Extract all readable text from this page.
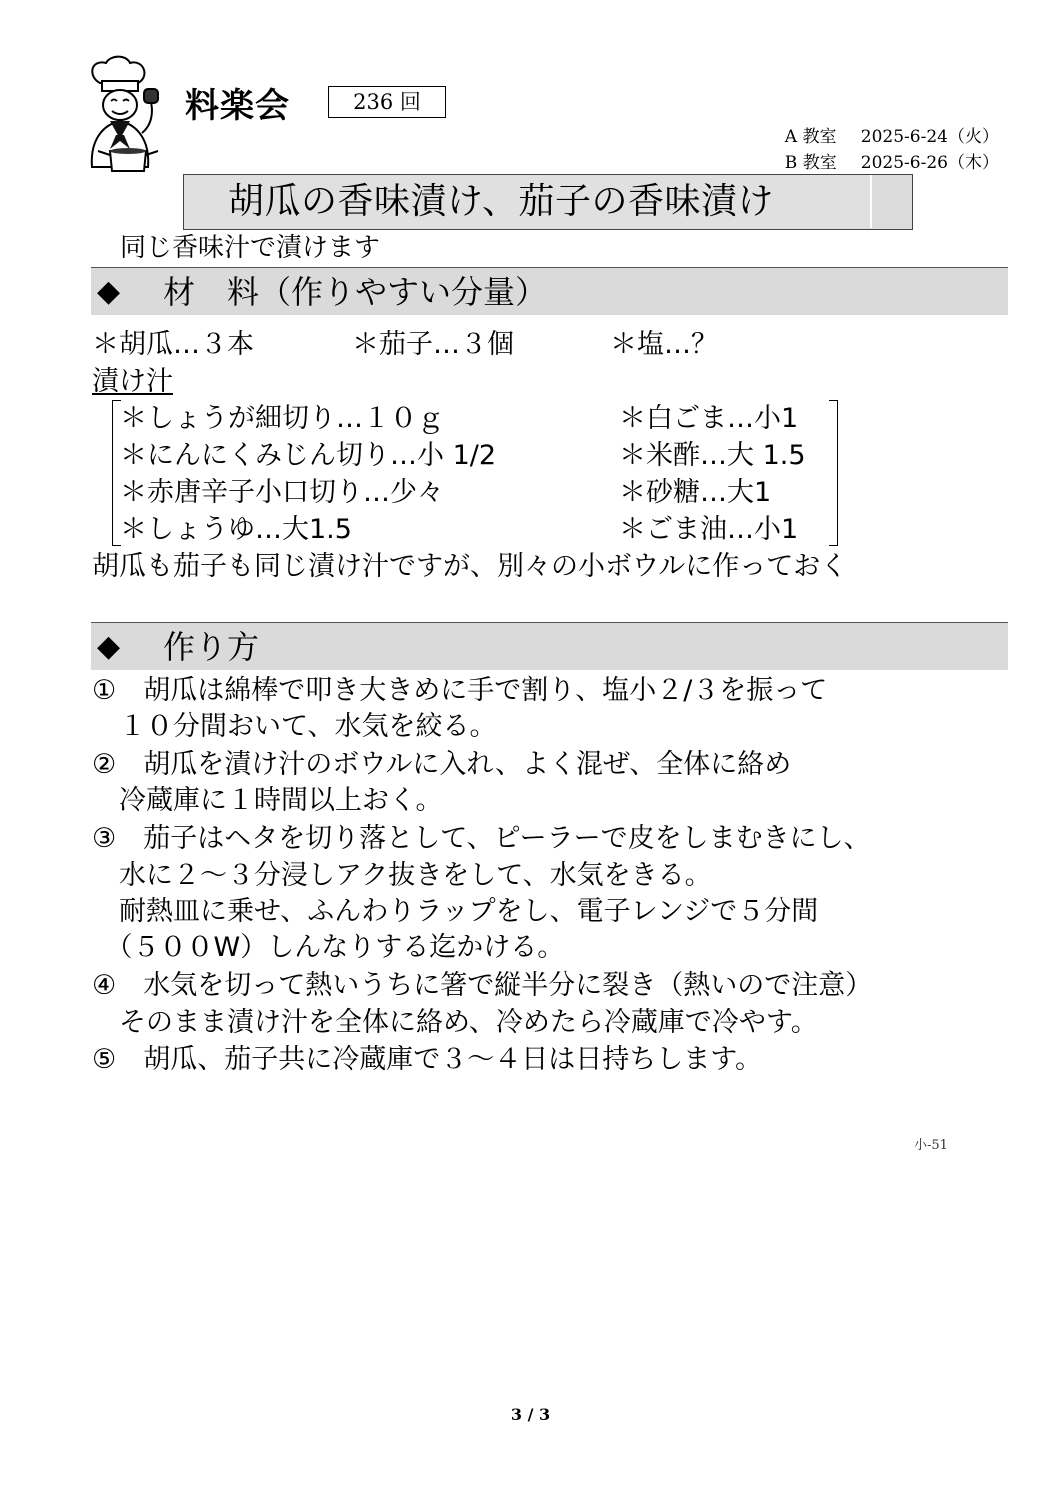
料楽会	236 回
A 教室 2025-6-24（火）
B 教室 2025-6-26（木）
胡瓜の香味漬け、茄子の香味漬け
同じ香味汁で漬けます
◆ 材　料（作りやすい分量）
＊胡瓜…３本	＊茄子…３個	＊塩…？
漬け汁
＊しょうが細切り…１０ｇ
＊にんにくみじん切り…小 1/2
＊赤唐辛子小口切り…少々
＊しょうゆ…大1.5
＊白ごま…小1
＊米酢…大 1.5
＊砂糖…大1
＊ごま油…小1
胡瓜も茄子も同じ漬け汁ですが、別々の小ボウルに作っておく
◆ 作り方
①　胡瓜は綿棒で叩き大きめに手で割り、塩小２/３を振って
　１０分間おいて、水気を絞る。
②　胡瓜を漬け汁のボウルに入れ、よく混ぜ、全体に絡め
　冷蔵庫に１時間以上おく。
③　茄子はヘタを切り落として、ピーラーで皮をしまむきにし、
　水に２～３分浸しアク抜きをして、水気をきる。
　耐熱皿に乗せ、ふんわりラップをし、電子レンジで５分間
　（５００W）しんなりする迄かける。
④　水気を切って熱いうちに箸で縦半分に裂き（熱いので注意）
　そのまま漬け汁を全体に絡め、冷めたら冷蔵庫で冷やす。
⑤　胡瓜、茄子共に冷蔵庫で３～４日は日持ちします。
小-51
3 / 3
